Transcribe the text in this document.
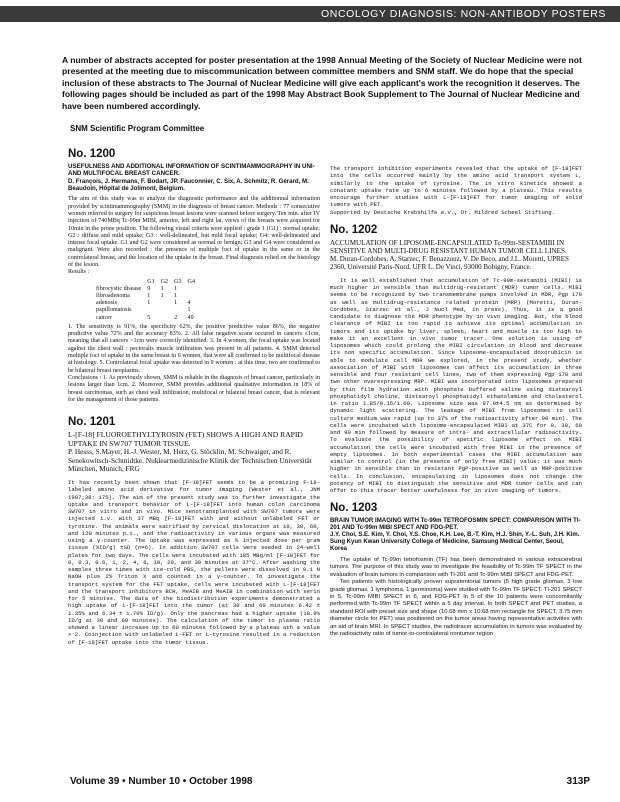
ONCOLOGY DIAGNOSIS: NON-ANTIBODY POSTERS

A number of abstracts accepted for poster presentation at the 1998 Annual Meeting of the Society of Nuclear Medicine were not presented at the meeting due to miscommunication between committee members and SNM staff. We do hope that the special inclusion of these abstracts to The Journal of Nuclear Medicine will give each applicant's work the recognition it deserves. The following pages should be included as part of the 1998 May Abstract Book Supplement to The Journal of Nuclear Medicine and have been numbered accordingly.

SNM Scientific Program Committee

No. 1200

USEFULNESS AND ADDITIONAL INFORMATION OF SCINTIMAMMOGRAPHY IN UNI- AND MULTIFOCAL BREAST CANCER.

D. François, J. Hermans, F. Bodart, JP. Fauconnier, C. Six, A. Schmitz, R. Gérard, M. Beaudoin, Hôpital de Jolimont, Belgium.

The aim of this study was to analyze the diagnostic performance and the additionnal information provided by scintimammography (SMM) in the diagnosis of breast cancer. Methods : 77 consecutive women referred to surgery for suspicious breast lesions were scanned before surgery. Ten min. after IV injection of 740MBq Tc-99m MIBI, anterior, left and right lat. views of the breasts were acquired for 10min in the prone position. The following visual criteria were applied : grade 1 (G1) : normal uptake; G2 : diffuse and mild uptake; G3 : well-delineated, but mild focal uptake; G4: well-delineated and intense focal uptake. G1 and G2 were considered as normal or benign; G3 and G4 were considered as malignant. Were also recorded : the presence of multiple foci of uptake in the same or in the controlateral breast, and the location of the uptake in the breast. Final diagnosis relied on the histology of the lesion.

Results :

	G1	G2	G3	G4
fibrocystic disease	9	1	1	
fibroadenoma	1	1	1	
adenosis	1		1	4
papillomatosis				1
cancer	5		2	49

1. The sensitivity is 91%, the specificity 62%, the positive predictive value 86%, the negative predictive value 72% and the accuracy 83%. 2. All false negative scans occured in cancers ≤1cm, meaning that all cancers >1cm were correctly identified. 3. In 4 women, the focal uptake was located against the chest wall : pectoralis muscle infiltration was present in all patients. 4. SMM detected multiple foci of uptake in the same breast in 6 women, that were all confirmed to be multifocal disease at histology. 5. Controlateral focal uptake was detected in 9 women : at this time, two are confirmed to be bilateral breast neoplasms.

Conclusions : 1. As previously shown, SMM is reliable in the diagnosis of breast cancer, particularly in lesions larger than 1cm. 2. Moreover, SMM provides additional qualitative information in 18% of breast carcinomas, such as chest wall infiltration, multifocal or bilateral breast cancer, that is relevant for the management of those patients.

No. 1201

L-[F-18] FLUOROETHYLTYROSIN (FET) SHOWS A HIGH AND RAPID UPTAKE IN SW707 TUMOR TISSUE.

P. Hesss, S.Mayer, H.-J. Wester, M. Herz, G. Stöcklin, M. Schwaiger, and R. Senekowitsch-Schmidtke. Nuklearmedizinische Klinik der Technischen Universität München, Munich, FRG

It has recently been shown that [F-18]FET seems to be a promizing F-18-labeled amino acid derivative for tumor imaging (Wester et al., JNM 1997;38: 175). The aim of the present study was to further investigate the uptake and transport behavior of L-[F-18]FET into human colon carcinoma SW707 in vitro and in vivo. Mice xenotransplanted with SW707 tumors were injected i.v. with 37 MBq [F-18]FET with and without unlabeled FET or tyrosine. The animals were sacrified by cervical dislocation at 10, 30, 60, and 120 minutes p.i., and the radioactivity in various organs was measured using a γ-counter. The uptake was expressed as % injected dose per gram tissue (%ID/g) ±SD (n=6). In addition SW707 cells were seeded in 24-well plates for two days. The cells were incubated with 185 MBq/ml [F-18]FET for 0, 0.3, 0.6, 1, 2, 4, 6, 10, 20, and 30 minutes at 37°C. After washing the samples three times with ice-cold PBS, the pellets were dissolved in 0.1 N NaOH plus 2% Triton X and counted in a γ-counter. To investigate the transport system for the FET uptake, cells were incubated with L-[F-18]FET and the transport inhibitors BCH, MeAIB and MeAIB in combination with serin for 5 minutes. The data of the biodistribution experiments demonstrated a high uptake of L-[F-18]FET into the tumor (at 30 and 60 minutes 6.42 ± 1.35% and 6.34 ± 1.70% ID/g). Only the pancreas had a higher uptake (18.9% ID/g at 30 and 60 minutes). The calculation of the tumor to plasma ratio showed a linear increase up to 60 minutes followed by a plateau ath a value > 2. Coinjection with unlabeled L-FET or L-tyrosine resulted in a reduction of [F-18]FET uptake into the tumor tissue.

The transport inhibition experiments revealed that the uptake of [F-18]FET into the cells occurred mainly by the amino acid transport system L, similarly to the uptake of tyrosine. The in vitro kinetics showed a constant uptake rate up to 6 minutes followed by a plateau. This results encourage further studies with L-[F-18]FET for tumor imaging of solid tumors with PET.

Supported by Deutsche Krebshilfe e.V., Dr. Mildred Scheel Stiftung.

No. 1202

ACCUMULATION OF LIPOSOME-ENCAPSULATED Tc-99m-SESTAMIBI IN SENSITIVE AND MULTI-DRUG RESISTANT HUMAN TUMOR CELL LINES.

M. Duran-Cordobes, A. Starzec, F. Benazzouz, V. De Beco, and J.L. Moretti, UPRES 2360, Université Paris-Nord, UFR L. De Vinci, 93000 Bobigny, France.

It is well established that accumulation of Tc-99m-sestamibi (MIBI) is much higher in sensible than multidrug-resistant (MDR) tumor cells. MIBI seems to be recognized by two transmembrane pumps involved in MDR, Pgp 170 as well as multidrug-resistance related protein (MRP) (Moretti, Duran-Cordobes, Starzec et al., J Nucl Med, in press). Thus, it is a good candidate to diagnose the MDR phenotype by in vivo imaging. But, the blood clearance of MIBI is too rapid to achieve its optimal accumulation in tumors and its uptake by liver, spleen, heart and muscle is too high to make it an excellent in vivo tumor tracer. One solution is using of liposomes which could prolong the MIBI circulation in blood and decrease its non specific accumulation. Since liposome-encapsulated doxorubicin is able to modulate cell MDR we explored, in the present study, whether association of MIBI with liposomes can affect its accumulation in three sensible and four resistant cell lines, two of them expressing Pgp 170 and two other overexpressing MRP. MIBI was incorporated into liposomes prepared by thin film hydration with phosphate buffered saline using distearoyl phosphatidyl choline, distearoyl phosphatidyl ethanolamine and cholesterol in ratio 1.85/0.15/1.00. Liposome size was 97.9±4.5 nm as determined by dynamic light scattering. The leakage of MIBI from liposomes to cell culture medium was rapid (up to 37% of the radioactivity after 90 min). The cells were incubated with liposome-encapsulated MIBI at 37C for 0, 30, 60 and 90 min followed by measure of intra- and extracellular radioactivity. To evaluate the possibility of specific liposome effect on MIBI accumulation the cells were incubated with free MIBI in the presence of empty liposomes. In both experimental cases the MIBI accumulation was similar to control (in the presence of only free MIBI) value: it was much higher in sensible than in resistant PgP-positive as well as MRP-positive cells. In conclusion, encapsulating in liposomes does not change the potency of MIBI to distinguish the sensitive and MDR tumor cells and can offer to this tracer better usefulness for in vivo imaging of tumors.

No. 1203

BRAIN TUMOR IMAGING WITH Tc-99m TETROFOSMIN SPECT: COMPARISON WITH Tl-201 AND Tc-99m MIBI SPECT AND FDG-PET.

J.Y. Choi, S.E. Kim, Y. Choi, Y.S. Choe, K.H. Lee, B.-T. Kim, H.J. Shin, Y.-L. Suh, J.H. Kim. Sung Kyun Kwan University College of Medicine, Samsung Medical Center, Seoul, Korea

The uptake of Tc-99m tetrofosmin (TF) has been demonstrated in various extracerebral tumors. The purpose of this study was to investigate the feasibility of Tc-99m TF SPECT in the evaluation of brain tumors in comparison with Tl-201 and Tc-99m MIBI SPECT and FDG-PET.

Ten patients with histologically proven supratentorial tumors (5 high grade gliomas, 3 low grade gliomas, 1 lymphoma, 1 germinoma) were studied with Tc-99m TF SPECT. Tl-201 SPECT in 5, Tc-99m MIBI SPECT in 6, and FDG-PET in 5 of the 10 patients were concomitantly performed with Tc-99m TF SPECT within a 5 day interval. In both SPECT and PET studies, a standard ROI with preset size and shape (10.68 mm x 10.68 mm rectangle for SPECT, 3.75 mm diameter circle for PET) was positioned on the tumor areas having representative activities with an aid of brain MRI. In SPECT studies, the radiotracer accumulation in tumors was evaluated by the radioactivity ratio of tumor-to-contralateral nontumor region

Volume 39 • Number 10 • October 1998	313P
